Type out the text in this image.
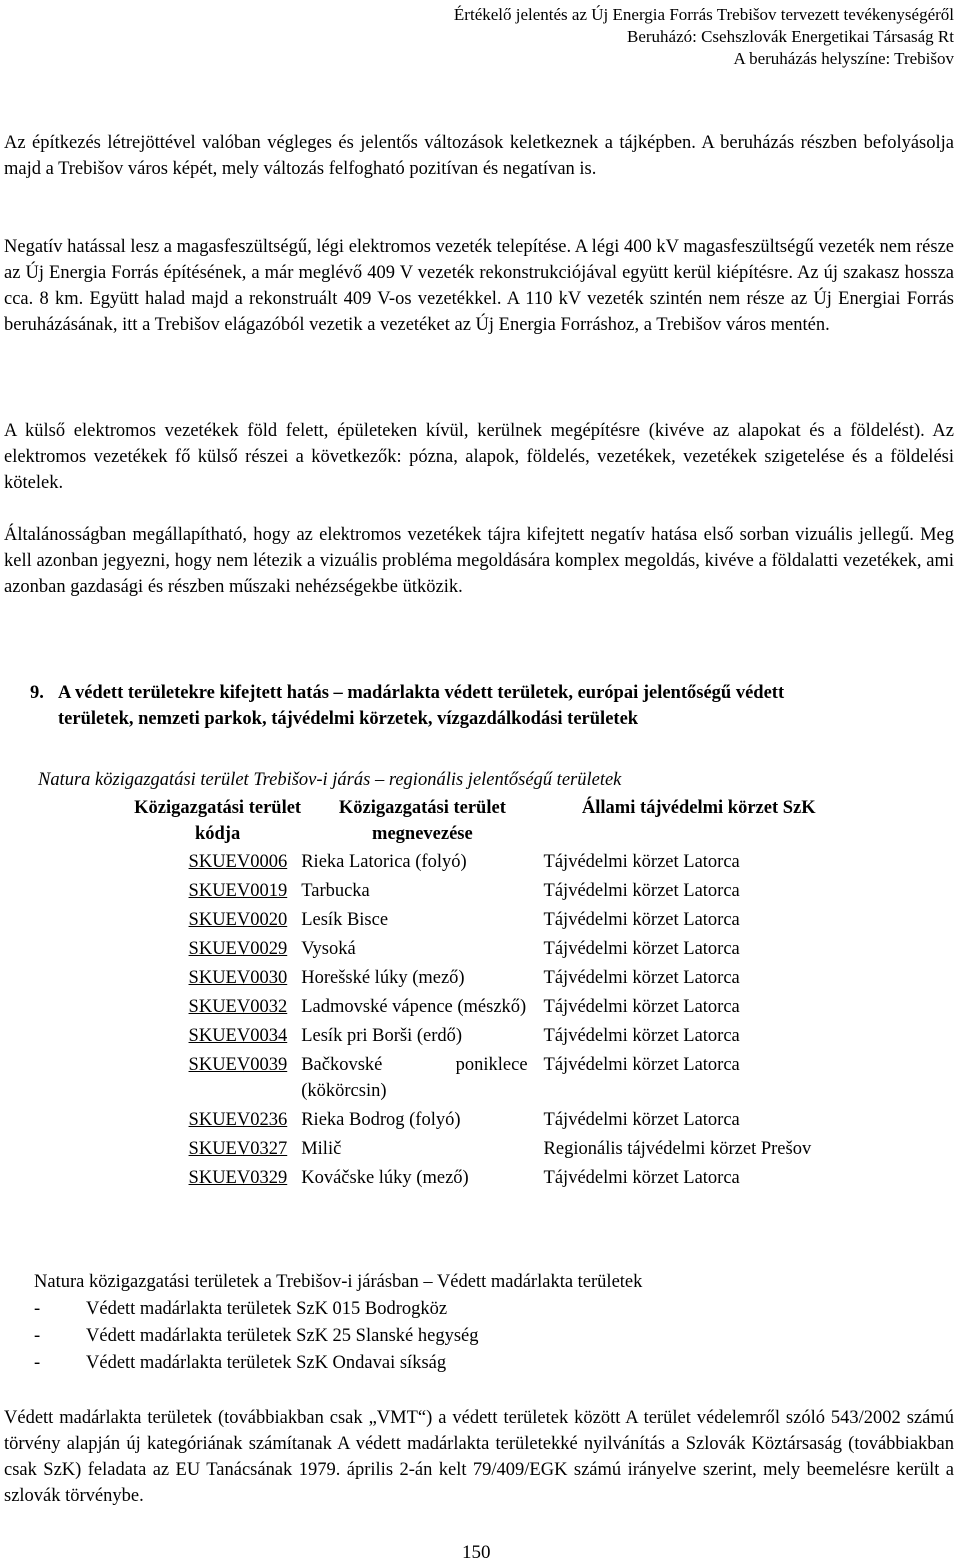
Értékelő jelentés az Új Energia Forrás Trebišov tervezett tevékenységéről
Beruházó: Csehszlovák Energetikai Társaság Rt
A beruházás helyszíne: Trebišov
Az építkezés létrejöttével valóban végleges és jelentős változások keletkeznek a tájképben. A beruházás részben befolyásolja majd a Trebišov város képét, mely változás felfogható pozitívan és negatívan is.
Negatív hatással lesz a magasfeszültségű, légi elektromos vezeték telepítése. A légi 400 kV magasfeszültségű vezeték nem része az Új Energia Forrás építésének, a már meglévő 409 V vezeték rekonstrukciójával együtt kerül kiépítésre. Az új szakasz hossza cca. 8 km. Együtt halad majd a rekonstruált 409 V-os vezetékkel. A 110 kV vezeték szintén nem része az Új Energiai Forrás beruházásának, itt a Trebišov elágazóból vezetik a vezetéket az Új Energia Forráshoz, a Trebišov város mentén.
A külső elektromos vezetékek föld felett, épületeken kívül, kerülnek megépítésre (kivéve az alapokat és a földelést). Az elektromos vezetékek fő külső részei a következők: pózna, alapok, földelés, vezetékek, vezetékek szigetelése és a földelési kötelek.
Általánosságban megállapítható, hogy az elektromos vezetékek tájra kifejtett negatív hatása első sorban vizuális jellegű. Meg kell azonban jegyezni, hogy nem létezik a vizuális probléma megoldására komplex megoldás, kivéve a földalatti vezetékek, ami azonban gazdasági és részben műszaki nehézségekbe ütközik.
9. A védett területekre kifejtett hatás – madárlakta védett területek, európai jelentőségű védett
területek, nemzeti parkok, tájvédelmi körzetek, vízgazdálkodási területek
Natura közigazgatási terület Trebišov-i járás – regionális jelentőségű területek
Közigazgatási terület kódja	Közigazgatási terület megnevezése	Állami tájvédelmi körzet SzK
SKUEV0006	Rieka Latorica (folyó)	Tájvédelmi körzet Latorca
SKUEV0019	Tarbucka	Tájvédelmi körzet Latorca
SKUEV0020	Lesík Bisce	Tájvédelmi körzet Latorca
SKUEV0029	Vysoká	Tájvédelmi körzet Latorca
SKUEV0030	Horešské lúky (mező)	Tájvédelmi körzet Latorca
SKUEV0032	Ladmovské vápence (mészkő)	Tájvédelmi körzet Latorca
SKUEV0034	Lesík pri Borši (erdő)	Tájvédelmi körzet Latorca
SKUEV0039	Bačkovské poniklece (kökörcsin)	Tájvédelmi körzet Latorca
SKUEV0236	Rieka Bodrog (folyó)	Tájvédelmi körzet Latorca
SKUEV0327	Milič	Regionális tájvédelmi körzet Prešov
SKUEV0329	Kováčske lúky (mező)	Tájvédelmi körzet Latorca
Natura közigazgatási területek a Trebišov-i járásban – Védett madárlakta területek
-	Védett madárlakta területek SzK 015 Bodrogköz
-	Védett madárlakta területek SzK 25 Slanské hegység
-	Védett madárlakta területek SzK Ondavai síkság
Védett madárlakta területek (továbbiakban csak „VMT“) a védett területek között A terület védelemről szóló 543/2002 számú törvény alapján új kategóriának számítanak A védett madárlakta területekké nyilvánítás a Szlovák Köztársaság (továbbiakban csak SzK) feladata az EU Tanácsának 1979. április 2-án kelt 79/409/EGK számú irányelve szerint, mely beemelésre került a szlovák törvénybe.
150
